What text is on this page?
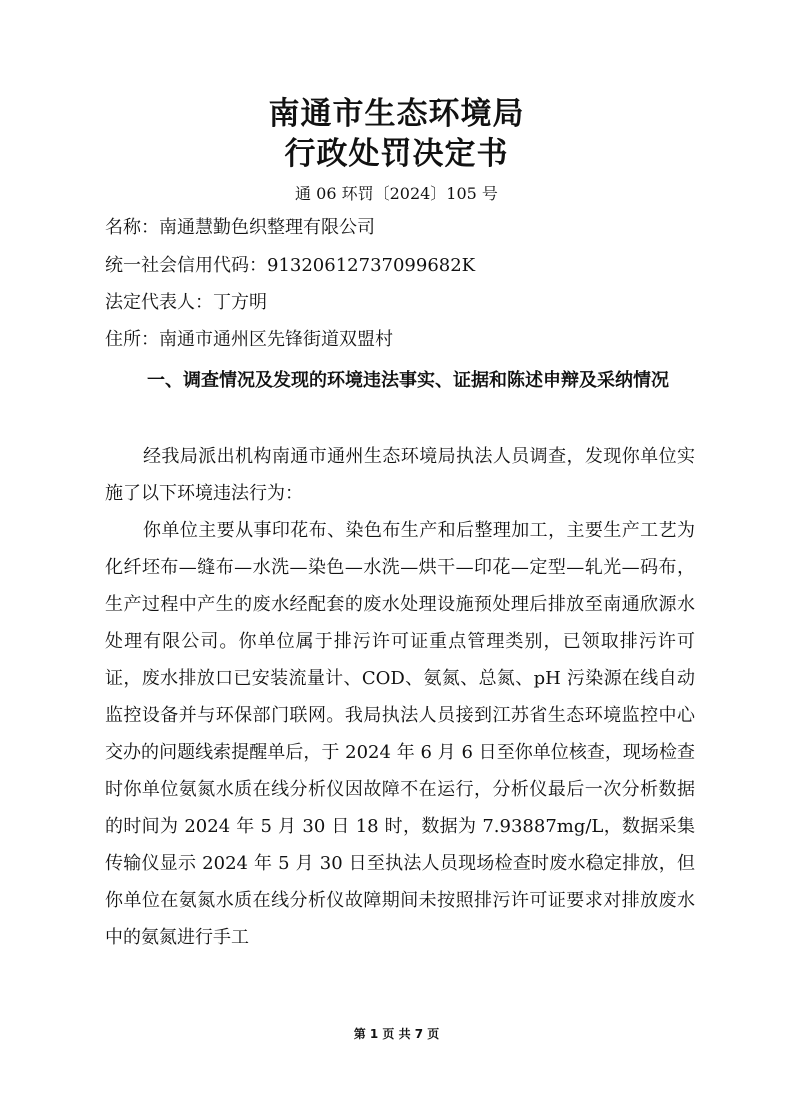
南通市生态环境局
行政处罚决定书
通 06 环罚〔2024〕105 号
名称：南通慧勤色织整理有限公司
统一社会信用代码：91320612737099682K
法定代表人：丁方明
住所：南通市通州区先锋街道双盟村
一、调查情况及发现的环境违法事实、证据和陈述申辩及采纳情况
经我局派出机构南通市通州生态环境局执法人员调查，发现你单位实施了以下环境违法行为：
你单位主要从事印花布、染色布生产和后整理加工，主要生产工艺为化纤坯布—缝布—水洗—染色—水洗—烘干—印花—定型—轧光—码布，生产过程中产生的废水经配套的废水处理设施预处理后排放至南通欣源水处理有限公司。你单位属于排污许可证重点管理类别，已领取排污许可证，废水排放口已安装流量计、COD、氨氮、总氮、pH 污染源在线自动监控设备并与环保部门联网。我局执法人员接到江苏省生态环境监控中心交办的问题线索提醒单后，于 2024 年 6 月 6 日至你单位核查，现场检查时你单位氨氮水质在线分析仪因故障不在运行，分析仪最后一次分析数据的时间为 2024 年 5 月 30 日 18 时，数据为 7.93887mg/L，数据采集传输仪显示 2024 年 5 月 30 日至执法人员现场检查时废水稳定排放，但你单位在氨氮水质在线分析仪故障期间未按照排污许可证要求对排放废水中的氨氮进行手工
第 1 页 共 7 页
